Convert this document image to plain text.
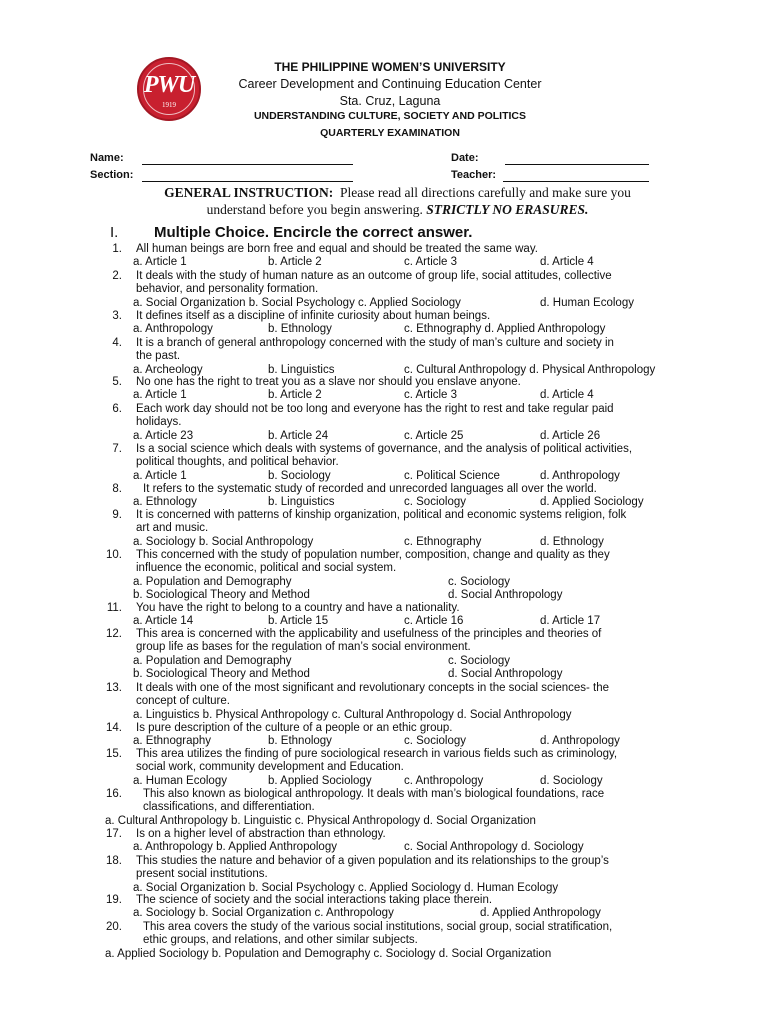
PWU
1919
THE PHILIPPINE WOMEN’S UNIVERSITY
Career Development and Continuing Education Center
Sta. Cruz, Laguna
UNDERSTANDING CULTURE, SOCIETY AND POLITICS
QUARTERLY EXAMINATION
Name:	Date:
Section:	Teacher:
GENERAL INSTRUCTION: Please read all directions carefully and make sure you
understand before you begin answering. STRICTLY NO ERASURES.
I. Multiple Choice. Encircle the correct answer.
1. All human beings are born free and equal and should be treated the same way.
a. Article 1	b. Article 2	c. Article 3	d. Article 4
2. It deals with the study of human nature as an outcome of group life, social attitudes, collective
behavior, and personality formation.
a. Social Organization b. Social Psychology c. Applied Sociology	d. Human Ecology
3. It defines itself as a discipline of infinite curiosity about human beings.
a. Anthropology	b. Ethnology	c. Ethnography d. Applied Anthropology
4. It is a branch of general anthropology concerned with the study of man’s culture and society in
the past.
a. Archeology	b. Linguistics	c. Cultural Anthropology d. Physical Anthropology
5. No one has the right to treat you as a slave nor should you enslave anyone.
a. Article 1	b. Article 2	c. Article 3	d. Article 4
6. Each work day should not be too long and everyone has the right to rest and take regular paid
holidays.
a. Article 23	b. Article 24	c. Article 25	d. Article 26
7. Is a social science which deals with systems of governance, and the analysis of political activities,
political thoughts, and political behavior.
a. Article 1	b. Sociology	c. Political Science	d. Anthropology
8. It refers to the systematic study of recorded and unrecorded languages all over the world.
a. Ethnology	b. Linguistics	c. Sociology	d. Applied Sociology
9. It is concerned with patterns of kinship organization, political and economic systems religion, folk
art and music.
a. Sociology b. Social Anthropology	c. Ethnography	d. Ethnology
10. This concerned with the study of population number, composition, change and quality as they
influence the economic, political and social system.
a. Population and Demography	c. Sociology
b. Sociological Theory and Method	d. Social Anthropology
11. You have the right to belong to a country and have a nationality.
a. Article 14	b. Article 15	c. Article 16	d. Article 17
12. This area is concerned with the applicability and usefulness of the principles and theories of
group life as bases for the regulation of man’s social environment.
a. Population and Demography	c. Sociology
b. Sociological Theory and Method	d. Social Anthropology
13. It deals with one of the most significant and revolutionary concepts in the social sciences- the
concept of culture.
a. Linguistics b. Physical Anthropology c. Cultural Anthropology d. Social Anthropology
14. Is pure description of the culture of a people or an ethic group.
a. Ethnography	b. Ethnology	c. Sociology	d. Anthropology
15. This area utilizes the finding of pure sociological research in various fields such as criminology,
social work, community development and Education.
a. Human Ecology	b. Applied Sociology	c. Anthropology	d. Sociology
16. This also known as biological anthropology. It deals with man’s biological foundations, race
classifications, and differentiation.
a. Cultural Anthropology b. Linguistic c. Physical Anthropology d. Social Organization
17. Is on a higher level of abstraction than ethnology.
a. Anthropology b. Applied Anthropology	c. Social Anthropology d. Sociology
18. This studies the nature and behavior of a given population and its relationships to the group’s
present social institutions.
a. Social Organization b. Social Psychology c. Applied Sociology d. Human Ecology
19. The science of society and the social interactions taking place therein.
a. Sociology b. Social Organization c. Anthropology	d. Applied Anthropology
20. This area covers the study of the various social institutions, social group, social stratification,
ethic groups, and relations, and other similar subjects.
a. Applied Sociology b. Population and Demography c. Sociology d. Social Organization
